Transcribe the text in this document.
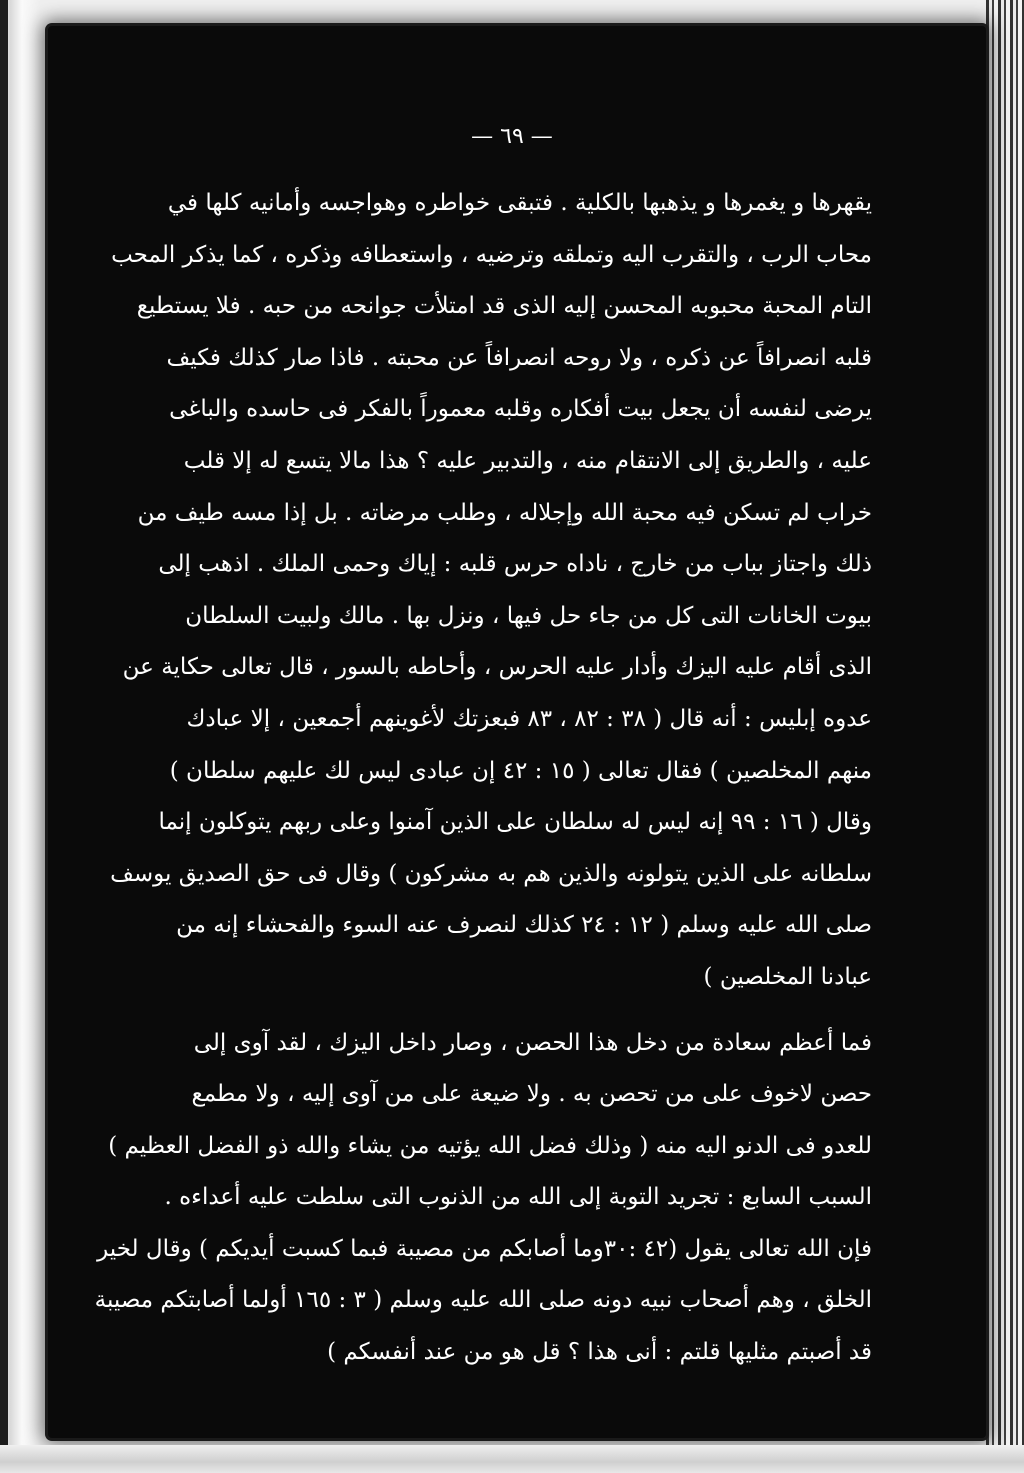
— ٦٩ —
يقهرها و يغمرها و يذهبها بالكلية . فتبقى خواطره وهواجسه وأمانيه كلها في
محاب الرب ، والتقرب اليه وتملقه وترضيه ، واستعطافه وذكره ، كما يذكر المحب
التام المحبة محبوبه المحسن إليه الذى قد امتلأت جوانحه من حبه . فلا يستطيع
قلبه انصرافاً عن ذكره ، ولا روحه انصرافاً عن محبته . فاذا صار كذلك فكيف
يرضى لنفسه أن يجعل بيت أفكاره وقلبه معموراً بالفكر فى حاسده والباغى
عليه ، والطريق إلى الانتقام منه ، والتدبير عليه ؟ هذا مالا يتسع له إلا قلب
خراب لم تسكن فيه محبة الله وإجلاله ، وطلب مرضاته . بل إذا مسه طيف من
ذلك واجتاز بباب من خارج ، ناداه حرس قلبه : إياك وحمى الملك . اذهب إلى
بيوت الخانات التى كل من جاء حل فيها ، ونزل بها . مالك ولبيت السلطان
الذى أقام عليه اليزك وأدار عليه الحرس ، وأحاطه بالسور ، قال تعالى حكاية عن
عدوه إبليس : أنه قال ( ٣٨ : ٨٢ ، ٨٣ فبعزتك لأغوينهم أجمعين ، إلا عبادك
منهم المخلصين ) فقال تعالى ( ١٥ : ٤٢ إن عبادى ليس لك عليهم سلطان )
وقال ( ١٦ : ٩٩ إنه ليس له سلطان على الذين آمنوا وعلى ربهم يتوكلون إنما
سلطانه على الذين يتولونه والذين هم به مشركون ) وقال فى حق الصديق يوسف
صلى الله عليه وسلم ( ١٢ : ٢٤ كذلك لنصرف عنه السوء والفحشاء إنه من
عبادنا المخلصين )
فما أعظم سعادة من دخل هذا الحصن ، وصار داخل اليزك ، لقد آوى إلى
حصن لاخوف على من تحصن به . ولا ضيعة على من آوى إليه ، ولا مطمع
للعدو فى الدنو اليه منه ( وذلك فضل الله يؤتيه من يشاء والله ذو الفضل العظيم )
السبب السابع : تجريد التوبة إلى الله من الذنوب التى سلطت عليه أعداءه .
فإن الله تعالى يقول (٤٢ :٣٠وما أصابكم من مصيبة فبما كسبت أيديكم ) وقال لخير
الخلق ، وهم أصحاب نبيه دونه صلى الله عليه وسلم ( ٣ : ١٦٥ أولما أصابتكم مصيبة
قد أصبتم مثليها قلتم : أنى هذا ؟ قل هو من عند أنفسكم )
